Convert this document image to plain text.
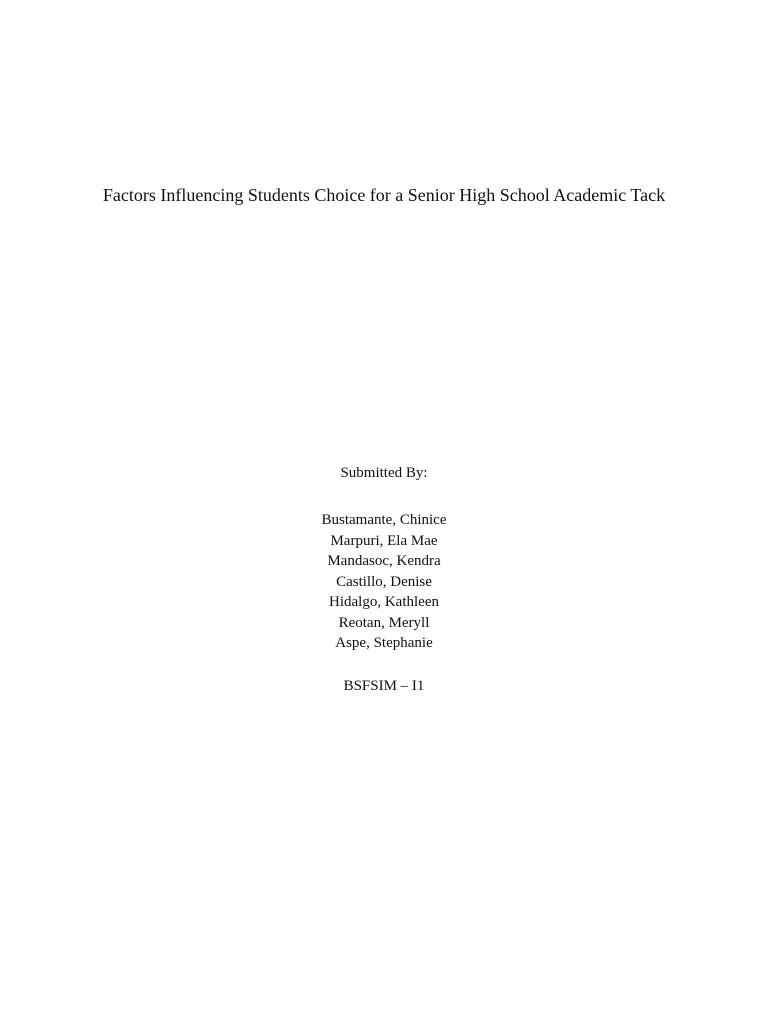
Factors Influencing Students Choice for a Senior High School Academic Tack
Submitted By:
Bustamante, Chinice
Marpuri, Ela Mae
Mandasoc, Kendra
Castillo, Denise
Hidalgo, Kathleen
Reotan, Meryll
Aspe, Stephanie
BSFSIM – I1
